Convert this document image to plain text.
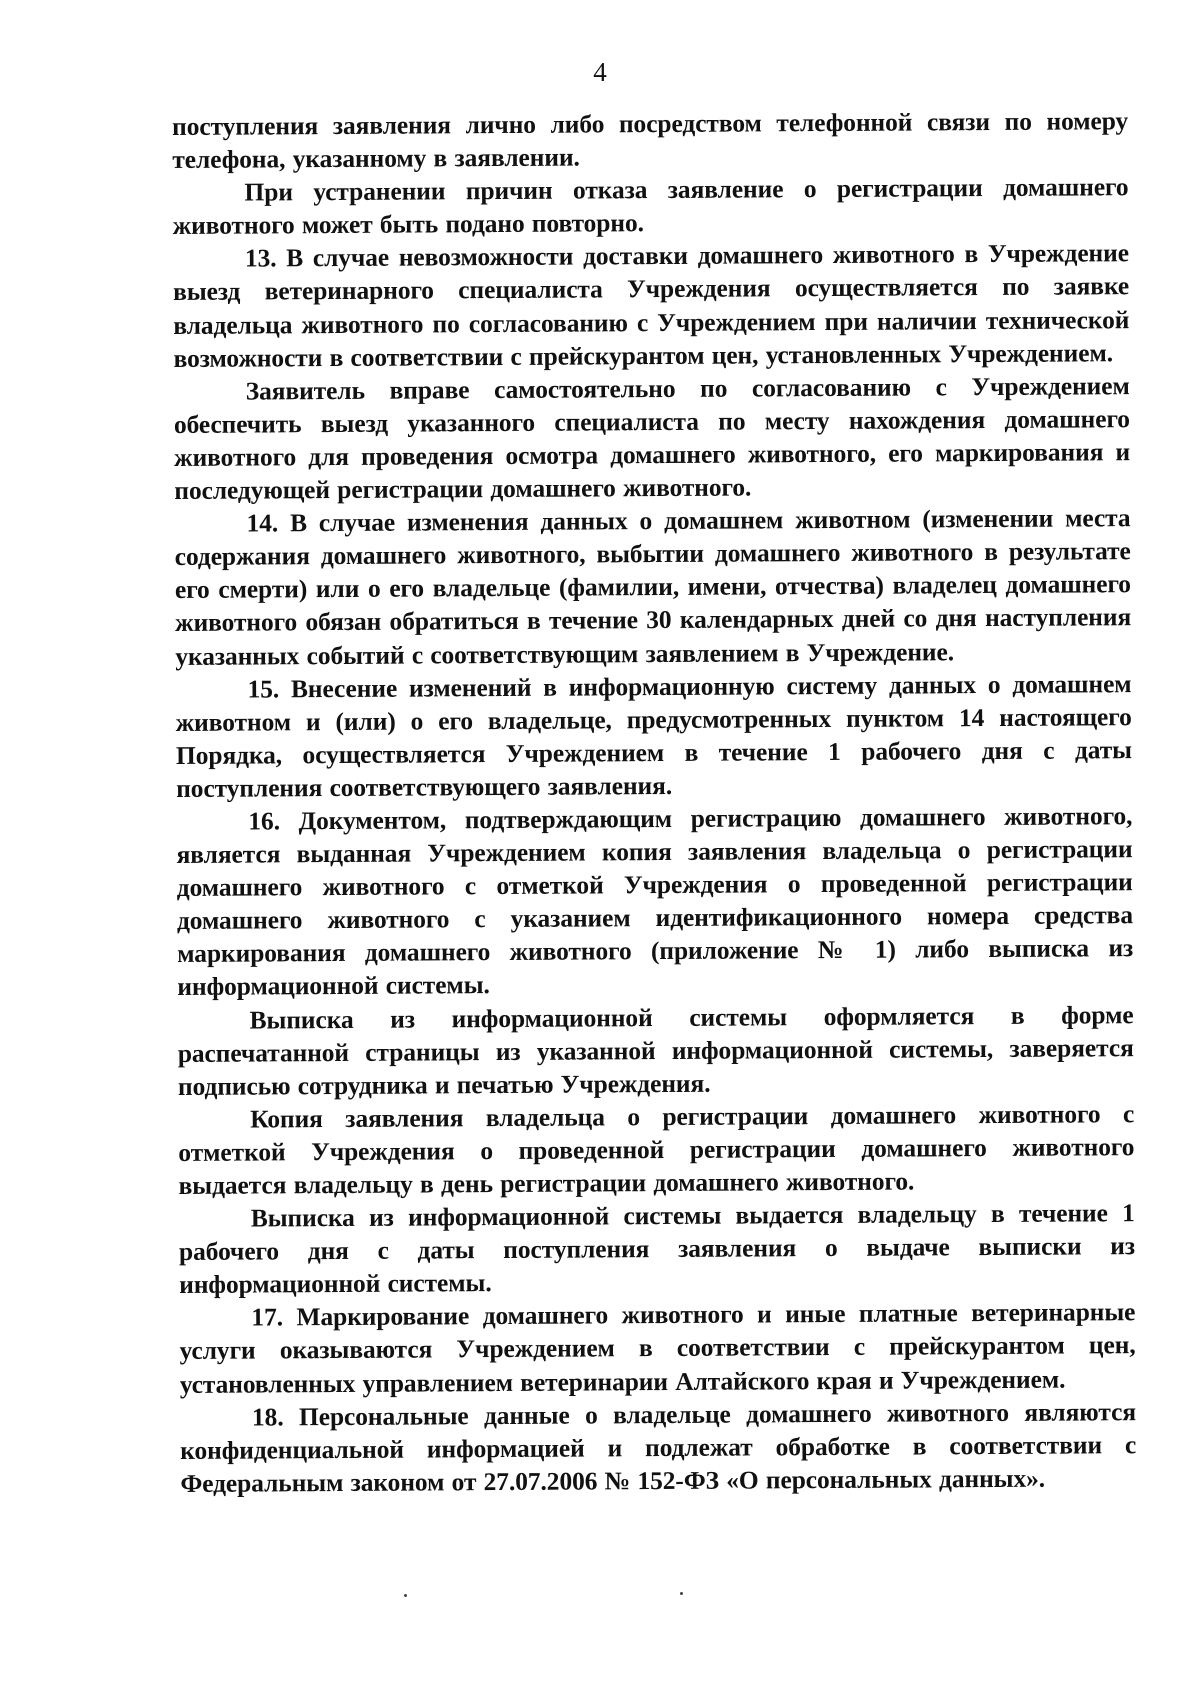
4

поступления заявления лично либо посредством телефонной связи по номеру телефона, указанному в заявлении.

При устранении причин отказа заявление о регистрации домашнего животного может быть подано повторно.

13. В случае невозможности доставки домашнего животного в Учреждение выезд ветеринарного специалиста Учреждения осуществляется по заявке владельца животного по согласованию с Учреждением при наличии технической возможности в соответствии с прейскурантом цен, установленных Учреждением.

Заявитель вправе самостоятельно по согласованию с Учреждением обеспечить выезд указанного специалиста по месту нахождения домашнего животного для проведения осмотра домашнего животного, его маркирования и последующей регистрации домашнего животного.

14. В случае изменения данных о домашнем животном (изменении места содержания домашнего животного, выбытии домашнего животного в результате его смерти) или о его владельце (фамилии, имени, отчества) владелец домашнего животного обязан обратиться в течение 30 календарных дней со дня наступления указанных событий с соответствующим заявлением в Учреждение.

15. Внесение изменений в информационную систему данных о домашнем животном и (или) о его владельце, предусмотренных пунктом 14 настоящего Порядка, осуществляется Учреждением в течение 1 рабочего дня с даты поступления соответствующего заявления.

16. Документом, подтверждающим регистрацию домашнего животного, является выданная Учреждением копия заявления владельца о регистрации домашнего животного с отметкой Учреждения о проведенной регистрации домашнего животного с указанием идентификационного номера средства маркирования домашнего животного (приложение № 1) либо выписка из информационной системы.

Выписка из информационной системы оформляется в форме распечатанной страницы из указанной информационной системы, заверяется подписью сотрудника и печатью Учреждения.

Копия заявления владельца о регистрации домашнего животного с отметкой Учреждения о проведенной регистрации домашнего животного выдается владельцу в день регистрации домашнего животного.

Выписка из информационной системы выдается владельцу в течение 1 рабочего дня с даты поступления заявления о выдаче выписки из информационной системы.

17. Маркирование домашнего животного и иные платные ветеринарные услуги оказываются Учреждением в соответствии с прейскурантом цен, установленных управлением ветеринарии Алтайского края и Учреждением.

18. Персональные данные о владельце домашнего животного являются конфиденциальной информацией и подлежат обработке в соответствии с Федеральным законом от 27.07.2006 № 152-ФЗ «О персональных данных».
